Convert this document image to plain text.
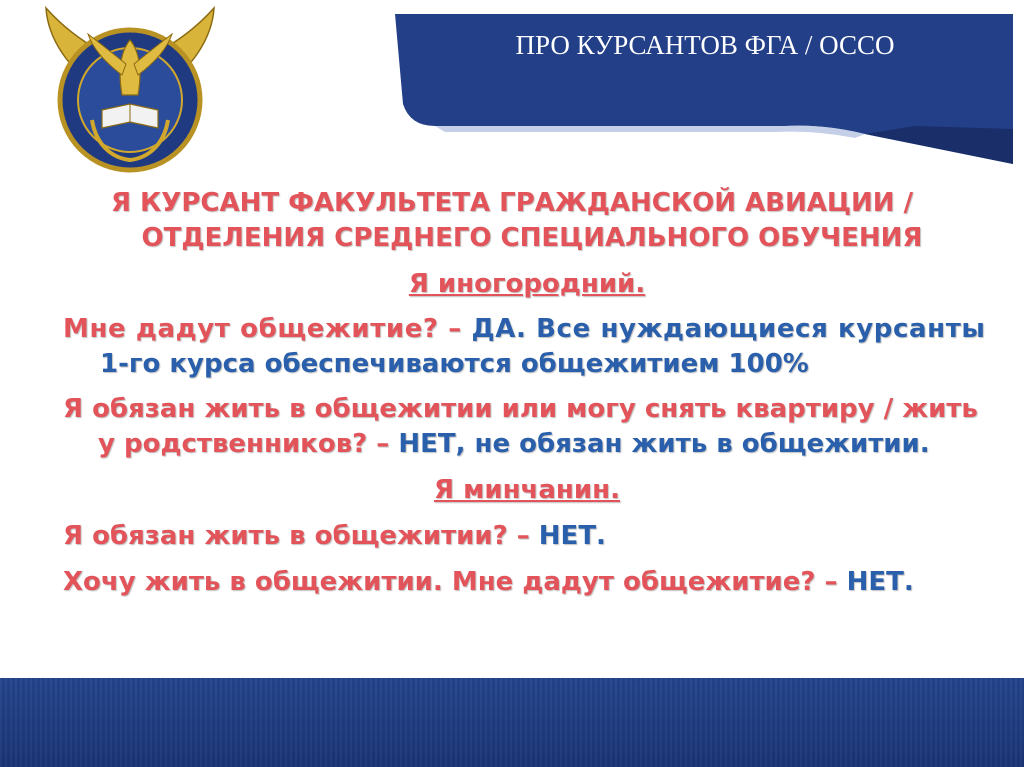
ПРО КУРСАНТОВ ФГА / ОССО
Я КУРСАНТ ФАКУЛЬТЕТА ГРАЖДАНСКОЙ АВИАЦИИ /
ОТДЕЛЕНИЯ СРЕДНЕГО СПЕЦИАЛЬНОГО ОБУЧЕНИЯ
Я иногородний.
Мне дадут общежитие? – ДА. Все нуждающиеся курсанты
1-го курса обеспечиваются общежитием 100%
Я обязан жить в общежитии или могу снять квартиру / жить
у родственников? – НЕТ, не обязан жить в общежитии.
Я минчанин.
Я обязан жить в общежитии? – НЕТ.
Хочу жить в общежитии. Мне дадут общежитие? – НЕТ.
